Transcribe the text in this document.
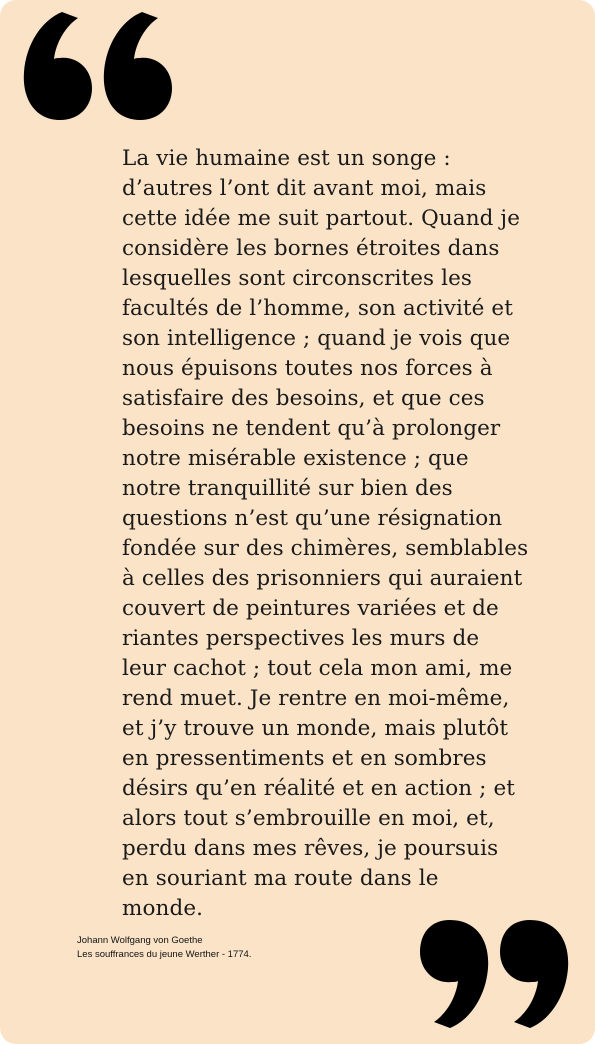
La vie humaine est un songe :
d’autres l’ont dit avant moi, mais
cette idée me suit partout. Quand je
considère les bornes étroites dans
lesquelles sont circonscrites les
facultés de l’homme, son activité et
son intelligence ; quand je vois que
nous épuisons toutes nos forces à
satisfaire des besoins, et que ces
besoins ne tendent qu’à prolonger
notre misérable existence ; que
notre tranquillité sur bien des
questions n’est qu’une résignation
fondée sur des chimères, semblables
à celles des prisonniers qui auraient
couvert de peintures variées et de
riantes perspectives les murs de
leur cachot ; tout cela mon ami, me
rend muet. Je rentre en moi-même,
et j’y trouve un monde, mais plutôt
en pressentiments et en sombres
désirs qu’en réalité et en action ; et
alors tout s’embrouille en moi, et,
perdu dans mes rêves, je poursuis
en souriant ma route dans le
monde.

Johann Wolfgang von Goethe
Les souffrances du jeune Werther - 1774.
